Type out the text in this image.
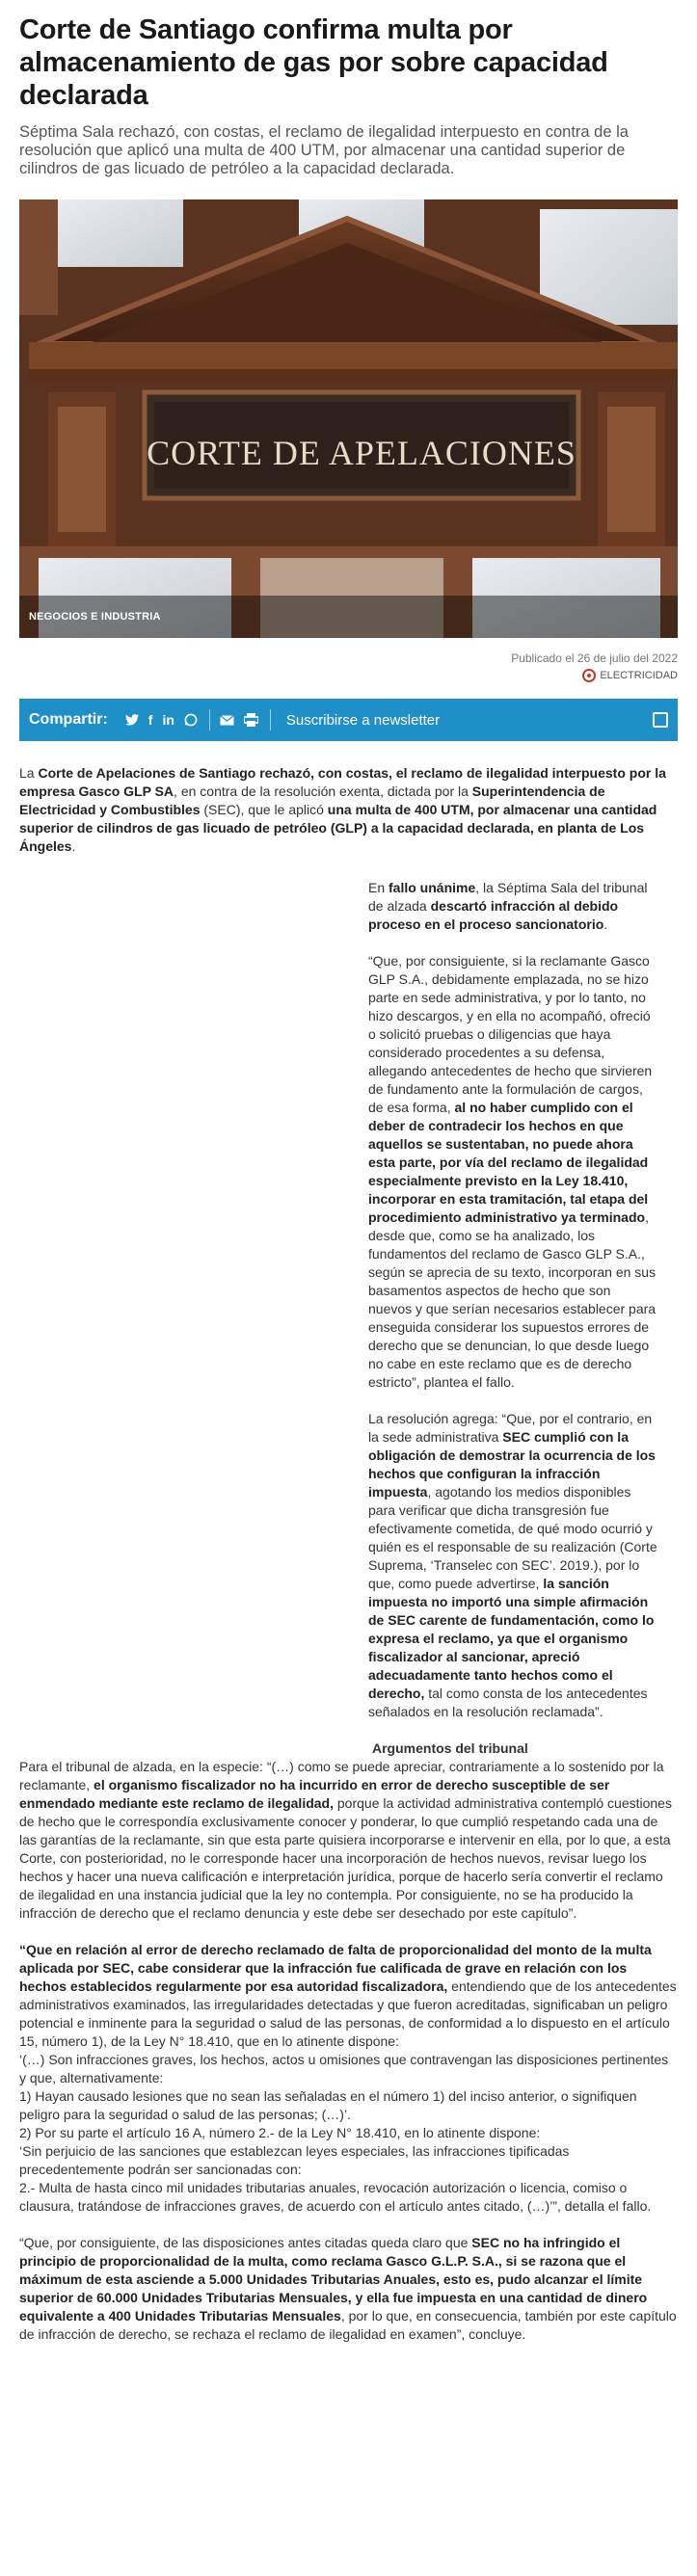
Corte de Santiago confirma multa por almacenamiento de gas por sobre capacidad declarada

Séptima Sala rechazó, con costas, el reclamo de ilegalidad interpuesto en contra de la resolución que aplicó una multa de 400 UTM, por almacenar una cantidad superior de cilindros de gas licuado de petróleo a la capacidad declarada.

CORTE DE APELACIONES
NEGOCIOS E INDUSTRIA
Publicado el 26 de julio del 2022
ELECTRICIDAD
Compartir:	f in	Suscribirse a newsletter

La Corte de Apelaciones de Santiago rechazó, con costas, el reclamo de ilegalidad interpuesto por la empresa Gasco GLP SA, en contra de la resolución exenta, dictada por la Superintendencia de Electricidad y Combustibles (SEC), que le aplicó una multa de 400 UTM, por almacenar una cantidad superior de cilindros de gas licuado de petróleo (GLP) a la capacidad declarada, en planta de Los Ángeles.

En fallo unánime, la Séptima Sala del tribunal de alzada descartó infracción al debido proceso en el proceso sancionatorio.

“Que, por consiguiente, si la reclamante Gasco GLP S.A., debidamente emplazada, no se hizo parte en sede administrativa, y por lo tanto, no hizo descargos, y en ella no acompañó, ofreció o solicitó pruebas o diligencias que haya considerado procedentes a su defensa, allegando antecedentes de hecho que sirvieren de fundamento ante la formulación de cargos, de esa forma, al no haber cumplido con el deber de contradecir los hechos en que aquellos se sustentaban, no puede ahora esta parte, por vía del reclamo de ilegalidad especialmente previsto en la Ley 18.410, incorporar en esta tramitación, tal etapa del procedimiento administrativo ya terminado, desde que, como se ha analizado, los fundamentos del reclamo de Gasco GLP S.A., según se aprecia de su texto, incorporan en sus basamentos aspectos de hecho que son nuevos y que serían necesarios establecer para enseguida considerar los supuestos errores de derecho que se denuncian, lo que desde luego no cabe en este reclamo que es de derecho estricto”, plantea el fallo.

La resolución agrega: “Que, por el contrario, en la sede administrativa SEC cumplió con la obligación de demostrar la ocurrencia de los hechos que configuran la infracción impuesta, agotando los medios disponibles para verificar que dicha transgresión fue efectivamente cometida, de qué modo ocurrió y quién es el responsable de su realización (Corte Suprema, ‘Transelec con SEC’. 2019.), por lo que, como puede advertirse, la sanción impuesta no importó una simple afirmación de SEC carente de fundamentación, como lo expresa el reclamo, ya que el organismo fiscalizador al sancionar, apreció adecuadamente tanto hechos como el derecho, tal como consta de los antecedentes señalados en la resolución reclamada”.

Argumentos del tribunal

Para el tribunal de alzada, en la especie: “(…) como se puede apreciar, contrariamente a lo sostenido por la reclamante, el organismo fiscalizador no ha incurrido en error de derecho susceptible de ser enmendado mediante este reclamo de ilegalidad, porque la actividad administrativa contempló cuestiones de hecho que le correspondía exclusivamente conocer y ponderar, lo que cumplió respetando cada una de las garantías de la reclamante, sin que esta parte quisiera incorporarse e intervenir en ella, por lo que, a esta Corte, con posterioridad, no le corresponde hacer una incorporación de hechos nuevos, revisar luego los hechos y hacer una nueva calificación e interpretación jurídica, porque de hacerlo sería convertir el reclamo de ilegalidad en una instancia judicial que la ley no contempla. Por consiguiente, no se ha producido la infracción de derecho que el reclamo denuncia y este debe ser desechado por este capítulo”.

“Que en relación al error de derecho reclamado de falta de proporcionalidad del monto de la multa aplicada por SEC, cabe considerar que la infracción fue calificada de grave en relación con los hechos establecidos regularmente por esa autoridad fiscalizadora, entendiendo que de los antecedentes administrativos examinados, las irregularidades detectadas y que fueron acreditadas, significaban un peligro potencial e inminente para la seguridad o salud de las personas, de conformidad a lo dispuesto en el artículo 15, número 1), de la Ley N° 18.410, que en lo atinente dispone:

‘(…) Son infracciones graves, los hechos, actos u omisiones que contravengan las disposiciones pertinentes y que, alternativamente:

1) Hayan causado lesiones que no sean las señaladas en el número 1) del inciso anterior, o signifiquen peligro para la seguridad o salud de las personas; (…)’.

2) Por su parte el artículo 16 A, número 2.- de la Ley N° 18.410, en lo atinente dispone:

‘Sin perjuicio de las sanciones que establezcan leyes especiales, las infracciones tipificadas precedentemente podrán ser sancionadas con:

2.- Multa de hasta cinco mil unidades tributarias anuales, revocación autorización o licencia, comiso o clausura, tratándose de infracciones graves, de acuerdo con el artículo antes citado, (…)’”, detalla el fallo.

“Que, por consiguiente, de las disposiciones antes citadas queda claro que SEC no ha infringido el principio de proporcionalidad de la multa, como reclama Gasco G.L.P. S.A., si se razona que el máximum de esta asciende a 5.000 Unidades Tributarias Anuales, esto es, pudo alcanzar el límite superior de 60.000 Unidades Tributarias Mensuales, y ella fue impuesta en una cantidad de dinero equivalente a 400 Unidades Tributarias Mensuales, por lo que, en consecuencia, también por este capítulo de infracción de derecho, se rechaza el reclamo de ilegalidad en examen”, concluye.
